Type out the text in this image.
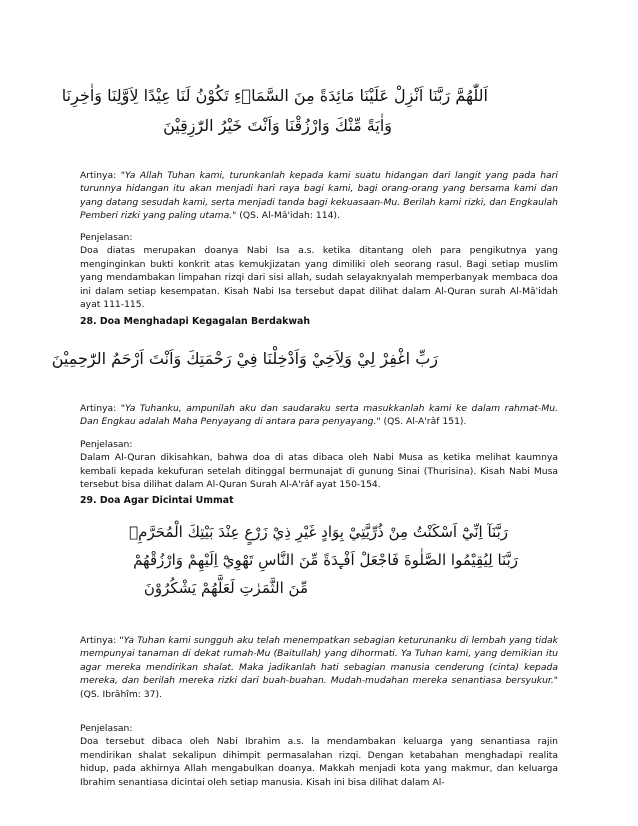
اَللّٰهُمَّ رَبَّنَا اَنْزِلْ عَلَيْنَا مَائِدَةً مِنَ السَّمَاۤءِ تَكُوْنُ لَنَا عِيْدًا لِاَوَّلِنَا وَاٰخِرِنَا
وَاٰيَةً مِّنْكَ وَارْزُقْنَا وَاَنْتَ خَيْرُ الرّٰزِقِيْنَ

Artinya: "Ya Allah Tuhan kami, turunkanlah kepada kami suatu hidangan dari langit yang pada hari turunnya hidangan itu akan menjadi hari raya bagi kami, bagi orang-orang yang bersama kami dan yang datang sesudah kami, serta menjadi tanda bagi kekuasaan-Mu. Berilah kami rizki, dan Engkaulah Pemberi rizki yang paling utama." (QS. Al-Mâ'idah: 114).

Penjelasan:

Doa diatas merupakan doanya Nabi Isa a.s. ketika ditantang oleh para pengikutnya yang menginginkan bukti konkrit atas kemukjizatan yang dimiliki oleh seorang rasul. Bagi setiap muslim yang mendambakan limpahan rizqi dari sisi allah, sudah selayaknyalah memperbanyak membaca doa ini dalam setiap kesempatan. Kisah Nabi Isa tersebut dapat dilihat dalam Al-Quran surah Al-Mâ'idah ayat 111-115.

28. Doa Menghadapi Kegagalan Berdakwah
رَبِّ اغْفِرْ لِيْ وَلِاَخِيْ وَاَدْخِلْنَا فِيْ رَحْمَتِكَ وَاَنْتَ اَرْحَمُ الرّٰحِمِيْنَ

Artinya: "Ya Tuhanku, ampunilah aku dan saudaraku serta masukkanlah kami ke dalam rahmat-Mu. Dan Engkau adalah Maha Penyayang di antara para penyayang." (QS. Al-A'râf 151).

Penjelasan:

Dalam Al-Quran dikisahkan, bahwa doa di atas dibaca oleh Nabi Musa as ketika melihat kaumnya kembali kepada kekufuran setelah ditinggal bermunajat di gunung Sinai (Thurisina). Kisah Nabi Musa tersebut bisa dilihat dalam Al-Quran Surah Al-A'râf ayat 150-154.

29. Doa Agar Dicintai Ummat
رَبَّنَآ اِنِّيْٓ اَسْكَنْتُ مِنْ ذُرِّيَّتِيْ بِوَادٍ غَيْرِ ذِيْ زَرْعٍ عِنْدَ بَيْتِكَ الْمُحَرَّمِۙ
رَبَّنَا لِيُقِيْمُوا الصَّلٰوةَ فَاجْعَلْ اَفْـِٕدَةً مِّنَ النَّاسِ تَهْوِيْٓ اِلَيْهِمْ وَارْزُقْهُمْ
مِّنَ الثَّمَرٰتِ لَعَلَّهُمْ يَشْكُرُوْنَ

Artinya: "Ya Tuhan kami sungguh aku telah menempatkan sebagian keturunanku di lembah yang tidak mempunyai tanaman di dekat rumah-Mu (Baitullah) yang dihormati. Ya Tuhan kami, yang demikian itu agar mereka mendirikan shalat. Maka jadikanlah hati sebagian manusia cenderung (cinta) kepada mereka, dan berilah mereka rizki dari buah-buahan. Mudah-mudahan mereka senantiasa bersyukur." (QS. Ibrâhîm: 37).

Penjelasan:

Doa tersebut dibaca oleh Nabi Ibrahim a.s. la mendambakan keluarga yang senantiasa rajin mendirikan shalat sekalipun dihimpit permasalahan rizqi. Dengan ketabahan menghadapi realita hidup, pada akhirnya Allah mengabulkan doanya. Makkah menjadi kota yang makmur, dan keluarga Ibrahim senantiasa dicintai oleh setiap manusia. Kisah ini bisa dilihat dalam Al-
